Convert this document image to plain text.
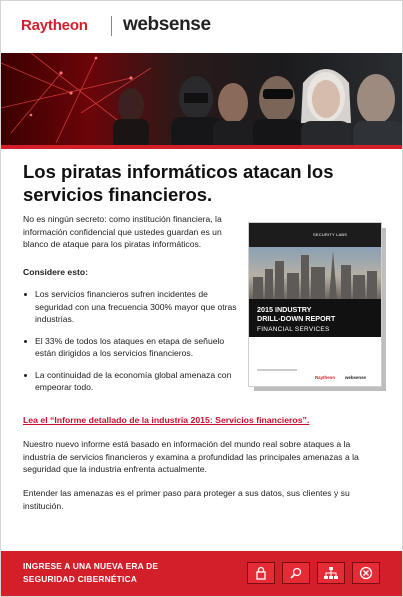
Raytheon websense
Los piratas informáticos atacan los servicios financieros.
No es ningún secreto: como institución financiera, la información confidencial que ustedes guardan es un blanco de ataque para los piratas informáticos.
Considere esto:
Los servicios financieros sufren incidentes de seguridad con una frecuencia 300% mayor que otras industrias.
El 33% de todos los ataques en etapa de señuelo están dirigidos a los servicios financieros.
La continuidad de la economía global amenaza con empeorar todo.
SECURITY LABS
2015 INDUSTRY
DRILL-DOWN REPORT
FINANCIAL SERVICES
Raytheon websense
Lea el “Informe detallado de la industria 2015: Servicios financieros”.
Nuestro nuevo informe está basado en información del mundo real sobre ataques a la industria de servicios financieros y examina a profundidad las principales amenazas a la seguridad que la industria enfrenta actualmente.
Entender las amenazas es el primer paso para proteger a sus datos, sus clientes y su institución.
INGRESE A UNA NUEVA ERA DE
SEGURIDAD CIBERNÉTICA
